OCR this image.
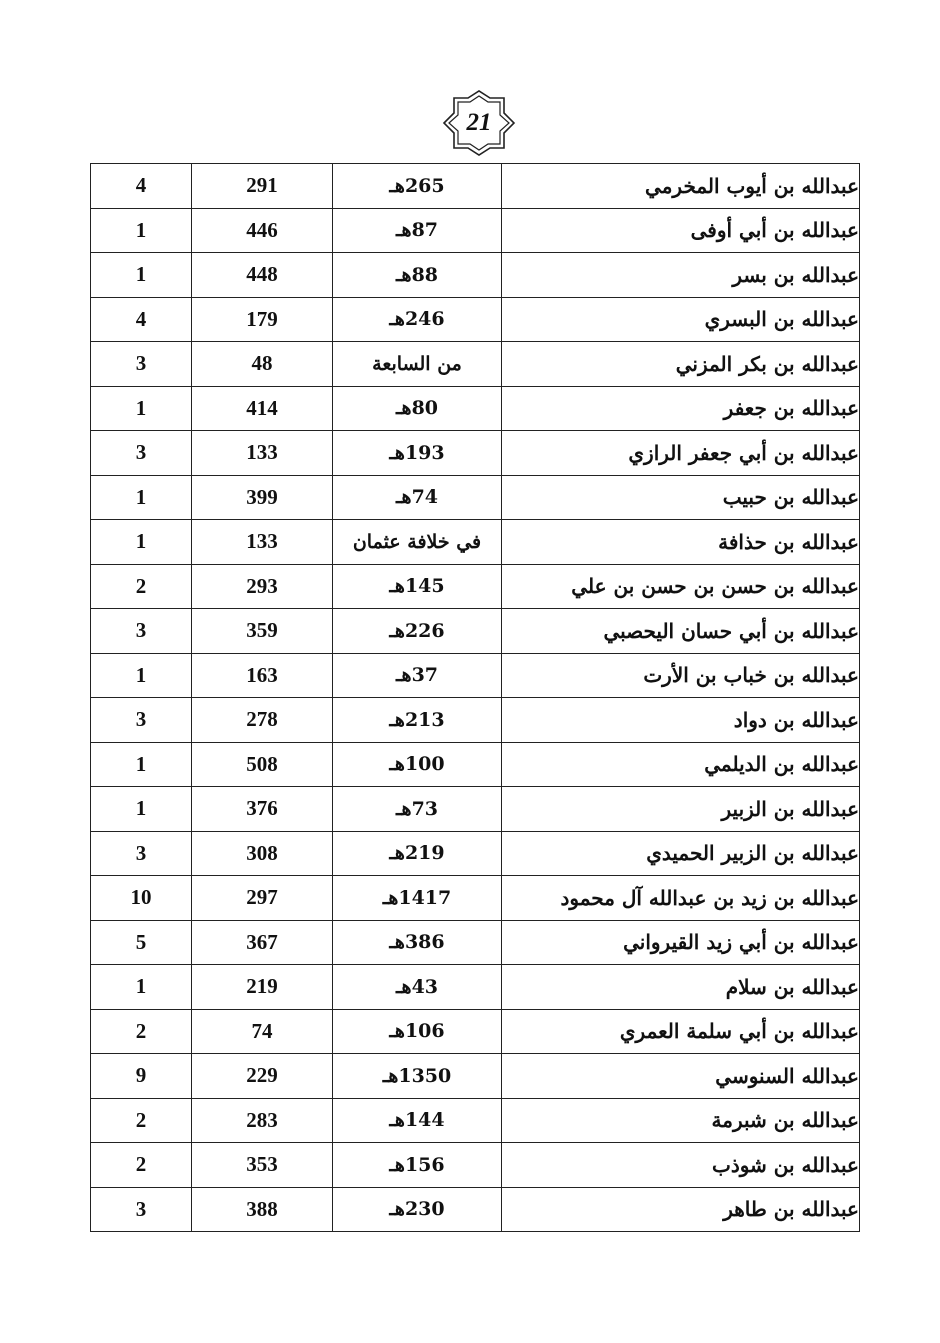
21
4	291	265هـ	عبدالله بن أيوب المخرمي
1	446	87هـ	عبدالله بن أبي أوفى
1	448	88هـ	عبدالله بن بسر
4	179	246هـ	عبدالله بن البسري
3	48	من السابعة	عبدالله بن بكر المزني
1	414	80هـ	عبدالله بن جعفر
3	133	193هـ	عبدالله بن أبي جعفر الرازي
1	399	74هـ	عبدالله بن حبيب
1	133	في خلافة عثمان	عبدالله بن حذافة
2	293	145هـ	عبدالله بن حسن بن حسن بن علي
3	359	226هـ	عبدالله بن أبي حسان اليحصبي
1	163	37هـ	عبدالله بن خباب بن الأرت
3	278	213هـ	عبدالله بن دواد
1	508	100هـ	عبدالله بن الديلمي
1	376	73هـ	عبدالله بن الزبير
3	308	219هـ	عبدالله بن الزبير الحميدي
10	297	1417هـ	عبدالله بن زيد بن عبدالله آل محمود
5	367	386هـ	عبدالله بن أبي زيد القيرواني
1	219	43هـ	عبدالله بن سلام
2	74	106هـ	عبدالله بن أبي سلمة العمري
9	229	1350هـ	عبدالله السنوسي
2	283	144هـ	عبدالله بن شبرمة
2	353	156هـ	عبدالله بن شوذب
3	388	230هـ	عبدالله بن طاهر
